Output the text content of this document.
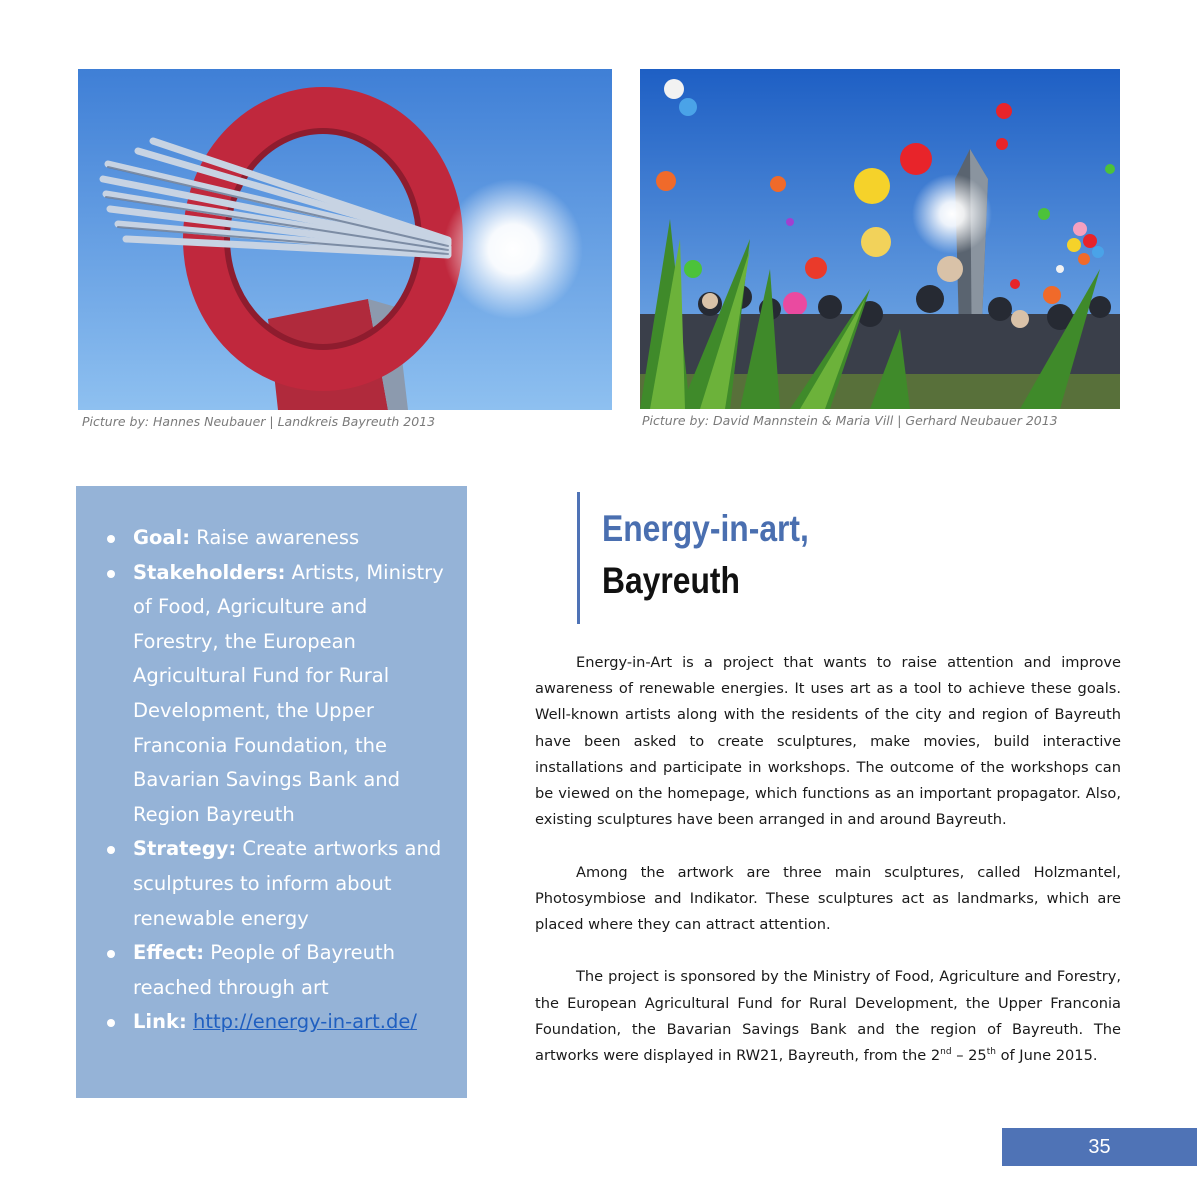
Picture by: Hannes Neubauer | Landkreis Bayreuth 2013	Picture by: David Mannstein & Maria Vill | Gerhard Neubauer 2013
Goal: Raise awareness
Stakeholders: Artists, Ministry of Food, Agriculture and Forestry, the European Agricultural Fund for Rural Development, the Upper Franconia Foundation, the Bavarian Savings Bank and Region Bayreuth
Strategy: Create artworks and sculptures to inform about renewable energy
Effect: People of Bayreuth reached through art
Link: http://energy-in-art.de/
Energy-in-art,
Bayreuth

Energy-in-Art is a project that wants to raise attention and improve awareness of renewable energies. It uses art as a tool to achieve these goals. Well-known artists along with the residents of the city and region of Bayreuth have been asked to create sculptures, make movies, build interactive installations and participate in workshops. The outcome of the workshops can be viewed on the homepage, which functions as an important propagator. Also, existing sculptures have been arranged in and around Bayreuth.

Among the artwork are three main sculptures, called Holzmantel, Photosymbiose and Indikator. These sculptures act as landmarks, which are placed where they can attract attention.

The project is sponsored by the Ministry of Food, Agriculture and Forestry, the European Agricultural Fund for Rural Development, the Upper Franconia Foundation, the Bavarian Savings Bank and the region of Bayreuth. The artworks were displayed in RW21, Bayreuth, from the 2nd – 25th of June 2015.

35
